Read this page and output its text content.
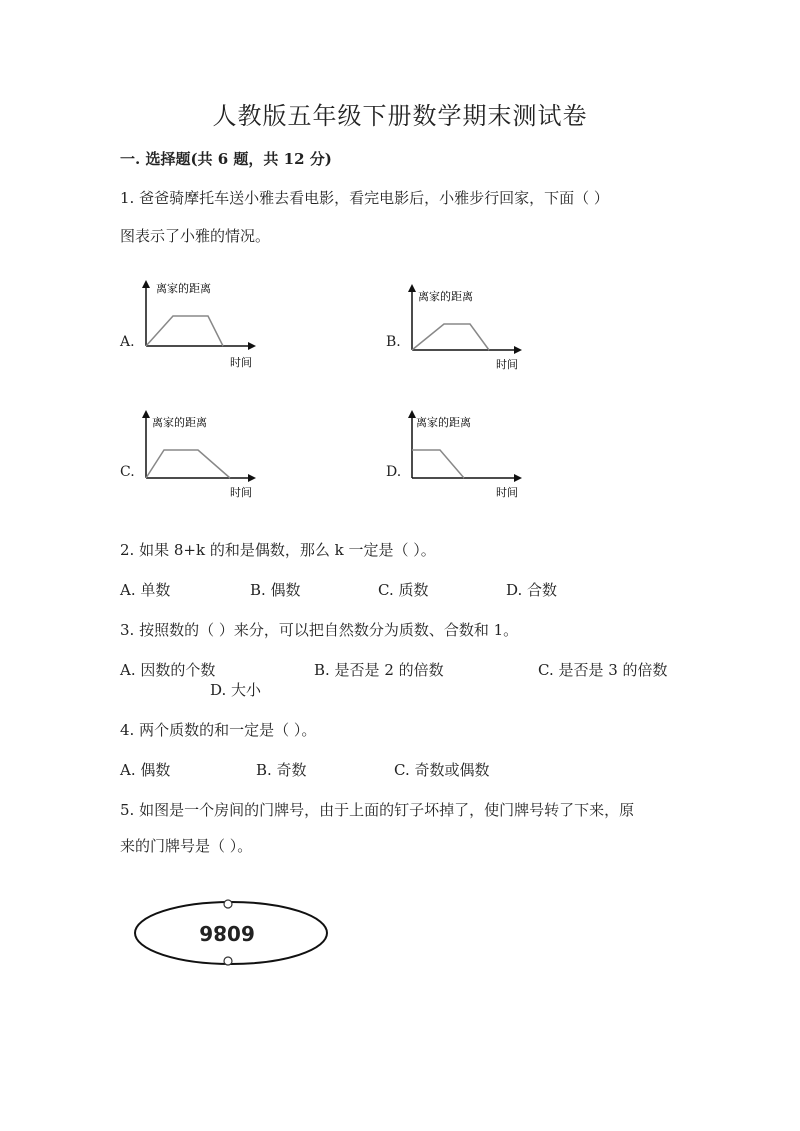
人教版五年级下册数学期末测试卷
一. 选择题(共 6 题，共 12 分)
1. 爸爸骑摩托车送小雅去看电影，看完电影后，小雅步行回家，下面（ ）
图表示了小雅的情况。
A.	B.
C.	D.
离家的距离
时间
离家的距离
时间
离家的距离
时间
离家的距离
时间
2. 如果 8+k 的和是偶数，那么 k 一定是（ ）。
A. 单数	B. 偶数	C. 质数	D. 合数
3. 按照数的（ ）来分，可以把自然数分为质数、合数和 1。
A. 因数的个数	B. 是否是 2 的倍数	C. 是否是 3 的倍数
D. 大小
4. 两个质数的和一定是（ ）。
A. 偶数	B. 奇数	C. 奇数或偶数
5. 如图是一个房间的门牌号，由于上面的钉子坏掉了，使门牌号转了下来，原
来的门牌号是（ ）。
6086
